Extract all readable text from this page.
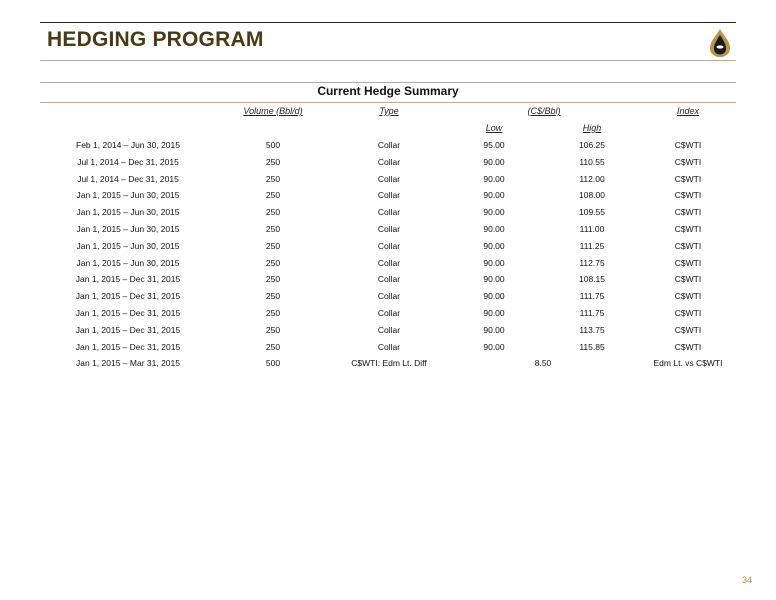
HEDGING PROGRAM
Current Hedge Summary
Volume (Bbl/d)	Type	(C$/Bbl)	Index
Low	High
Feb 1, 2014 – Jun 30, 2015	500	Collar	95.00	106.25	C$WTI
Jul 1, 2014 – Dec 31, 2015	250	Collar	90.00	110.55	C$WTI
Jul 1, 2014 – Dec 31, 2015	250	Collar	90.00	112.00	C$WTI
Jan 1, 2015 – Jun 30, 2015	250	Collar	90.00	108.00	C$WTI
Jan 1, 2015 – Jun 30, 2015	250	Collar	90.00	109.55	C$WTI
Jan 1, 2015 – Jun 30, 2015	250	Collar	90.00	111.00	C$WTI
Jan 1, 2015 – Jun 30, 2015	250	Collar	90.00	111.25	C$WTI
Jan 1, 2015 – Jun 30, 2015	250	Collar	90.00	112.75	C$WTI
Jan 1, 2015 – Dec 31, 2015	250	Collar	90.00	108.15	C$WTI
Jan 1, 2015 – Dec 31, 2015	250	Collar	90.00	111.75	C$WTI
Jan 1, 2015 – Dec 31, 2015	250	Collar	90.00	111.75	C$WTI
Jan 1, 2015 – Dec 31, 2015	250	Collar	90.00	113.75	C$WTI
Jan 1, 2015 – Dec 31, 2015	250	Collar	90.00	115.85	C$WTI
Jan 1, 2015 – Mar 31, 2015	500	C$WTI: Edm Lt. Diff	8.50	Edm Lt. vs C$WTI
34
